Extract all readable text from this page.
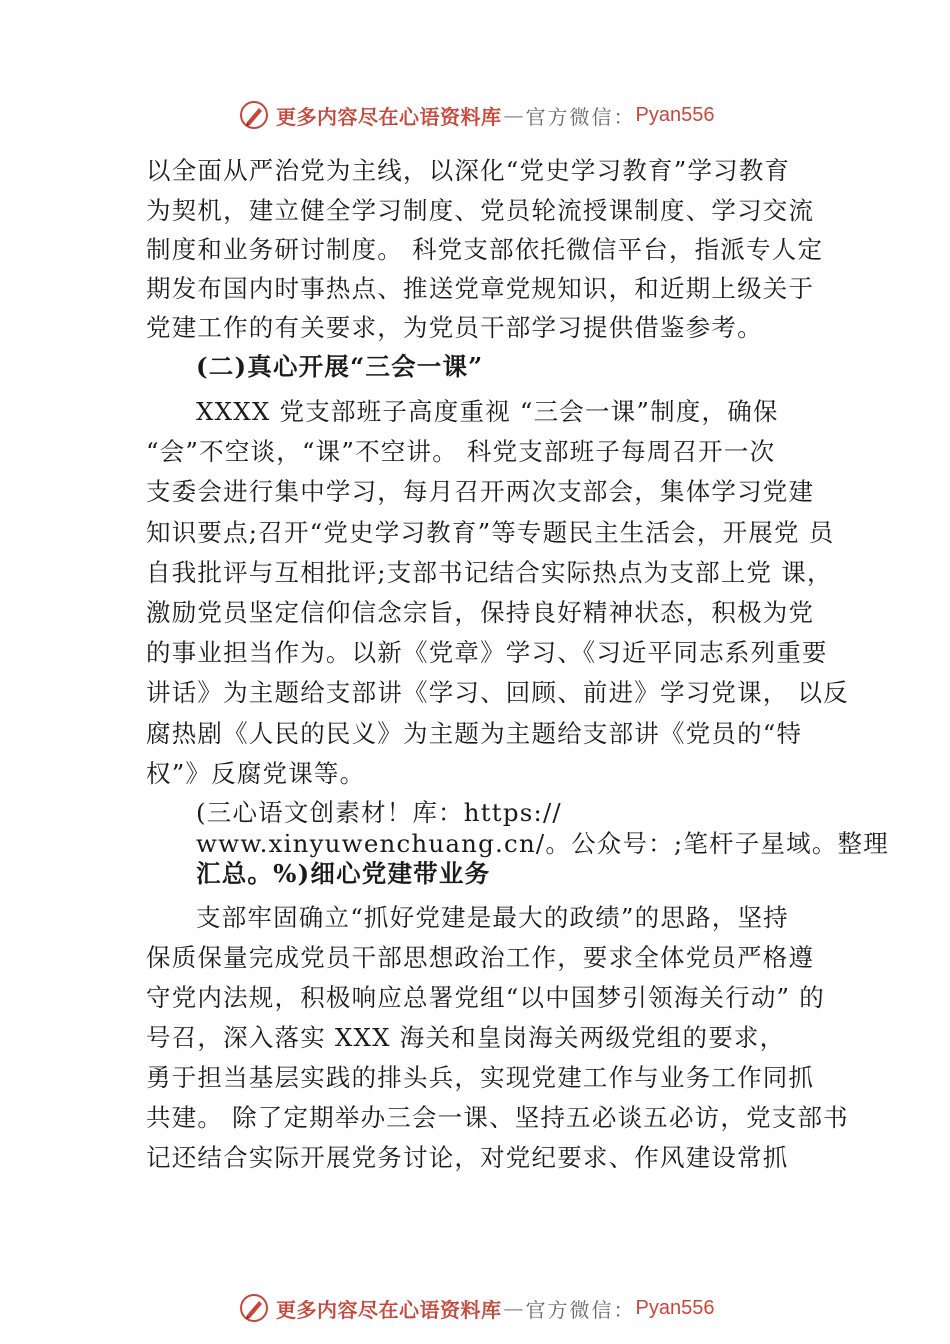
更多内容尽在心语资料库 — 官方微信： Pyan556
以全面从严治党为主线，以深化“党史学习教育”学习教育
为契机，建立健全学习制度、党员轮流授课制度、学习交流
制度和业务研讨制度。 科党支部依托微信平台，指派专人定
期发布国内时事热点、推送党章党规知识，和近期上级关于
党建工作的有关要求，为党员干部学习提供借鉴参考。
(二)真心开展“三会一课”
XXXX 党支部班子高度重视 “三会一课”制度，确保
“会”不空谈，“课”不空讲。 科党支部班子每周召开一次
支委会进行集中学习，每月召开两次支部会，集体学习党建
知识要点;召开“党史学习教育”等专题民主生活会，开展党 员
自我批评与互相批评;支部书记结合实际热点为支部上党 课，
激励党员坚定信仰信念宗旨，保持良好精神状态，积极为党
的事业担当作为。以新《党章》学习、《习近平同志系列重要
讲话》为主题给支部讲《学习、回顾、前进》学习党课， 以反
腐热剧《人民的民义》为主题为主题给支部讲《党员的“特
权”》反腐党课等。
(三心语文创素材！库：https://
www.xinyuwenchuang.cn/。公众号：;笔杆子星域。整理
汇总。%)细心党建带业务
支部牢固确立“抓好党建是最大的政绩”的思路，坚持
保质保量完成党员干部思想政治工作，要求全体党员严格遵
守党内法规，积极响应总署党组“以中国梦引领海关行动” 的
号召，深入落实 XXX 海关和皇岗海关两级党组的要求，
勇于担当基层实践的排头兵，实现党建工作与业务工作同抓
共建。 除了定期举办三会一课、坚持五必谈五必访，党支部书
记还结合实际开展党务讨论，对党纪要求、作风建设常抓
更多内容尽在心语资料库 — 官方微信： Pyan556
